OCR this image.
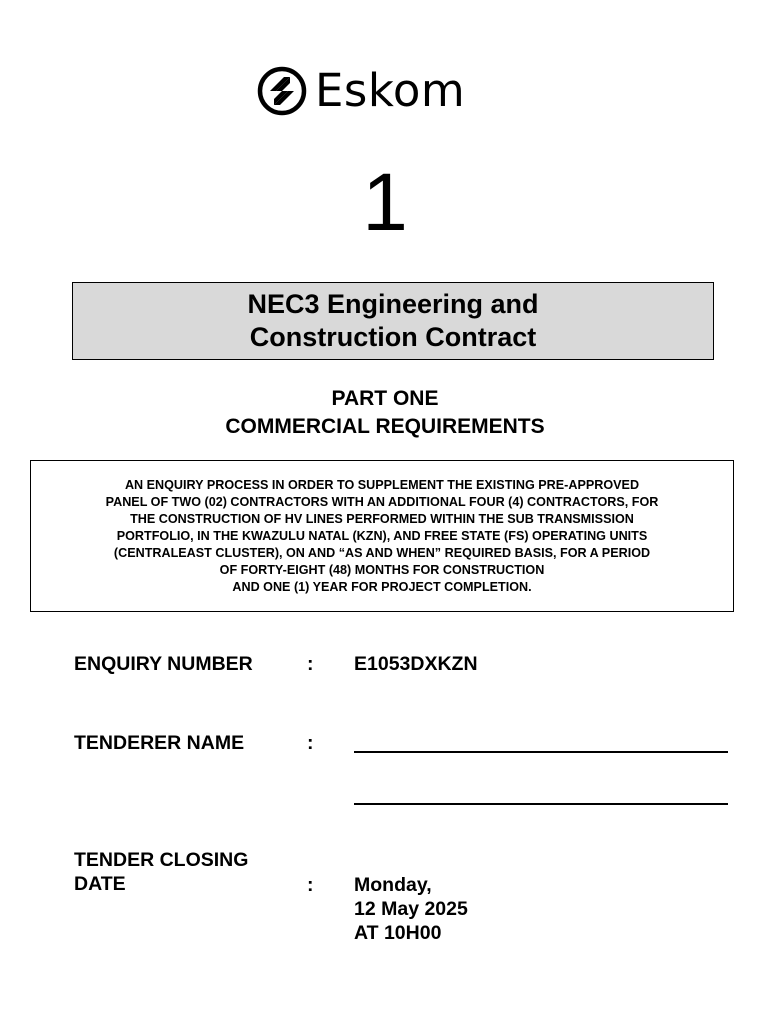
Eskom
1
NEC3 Engineering and
Construction Contract
PART ONE
COMMERCIAL REQUIREMENTS
AN ENQUIRY PROCESS IN ORDER TO SUPPLEMENT THE EXISTING PRE-APPROVED
PANEL OF TWO (02) CONTRACTORS WITH AN ADDITIONAL FOUR (4) CONTRACTORS, FOR
THE CONSTRUCTION OF HV LINES PERFORMED WITHIN THE SUB TRANSMISSION
PORTFOLIO, IN THE KWAZULU NATAL (KZN), AND FREE STATE (FS) OPERATING UNITS
(CENTRALEAST CLUSTER), ON AND “AS AND WHEN” REQUIRED BASIS, FOR A PERIOD
OF FORTY-EIGHT (48) MONTHS FOR CONSTRUCTION
AND ONE (1) YEAR FOR PROJECT COMPLETION.
ENQUIRY NUMBER	: E1053DXKZN
TENDERER NAME	:
TENDER CLOSING
DATE	: Monday,
12 May 2025
AT 10H00
